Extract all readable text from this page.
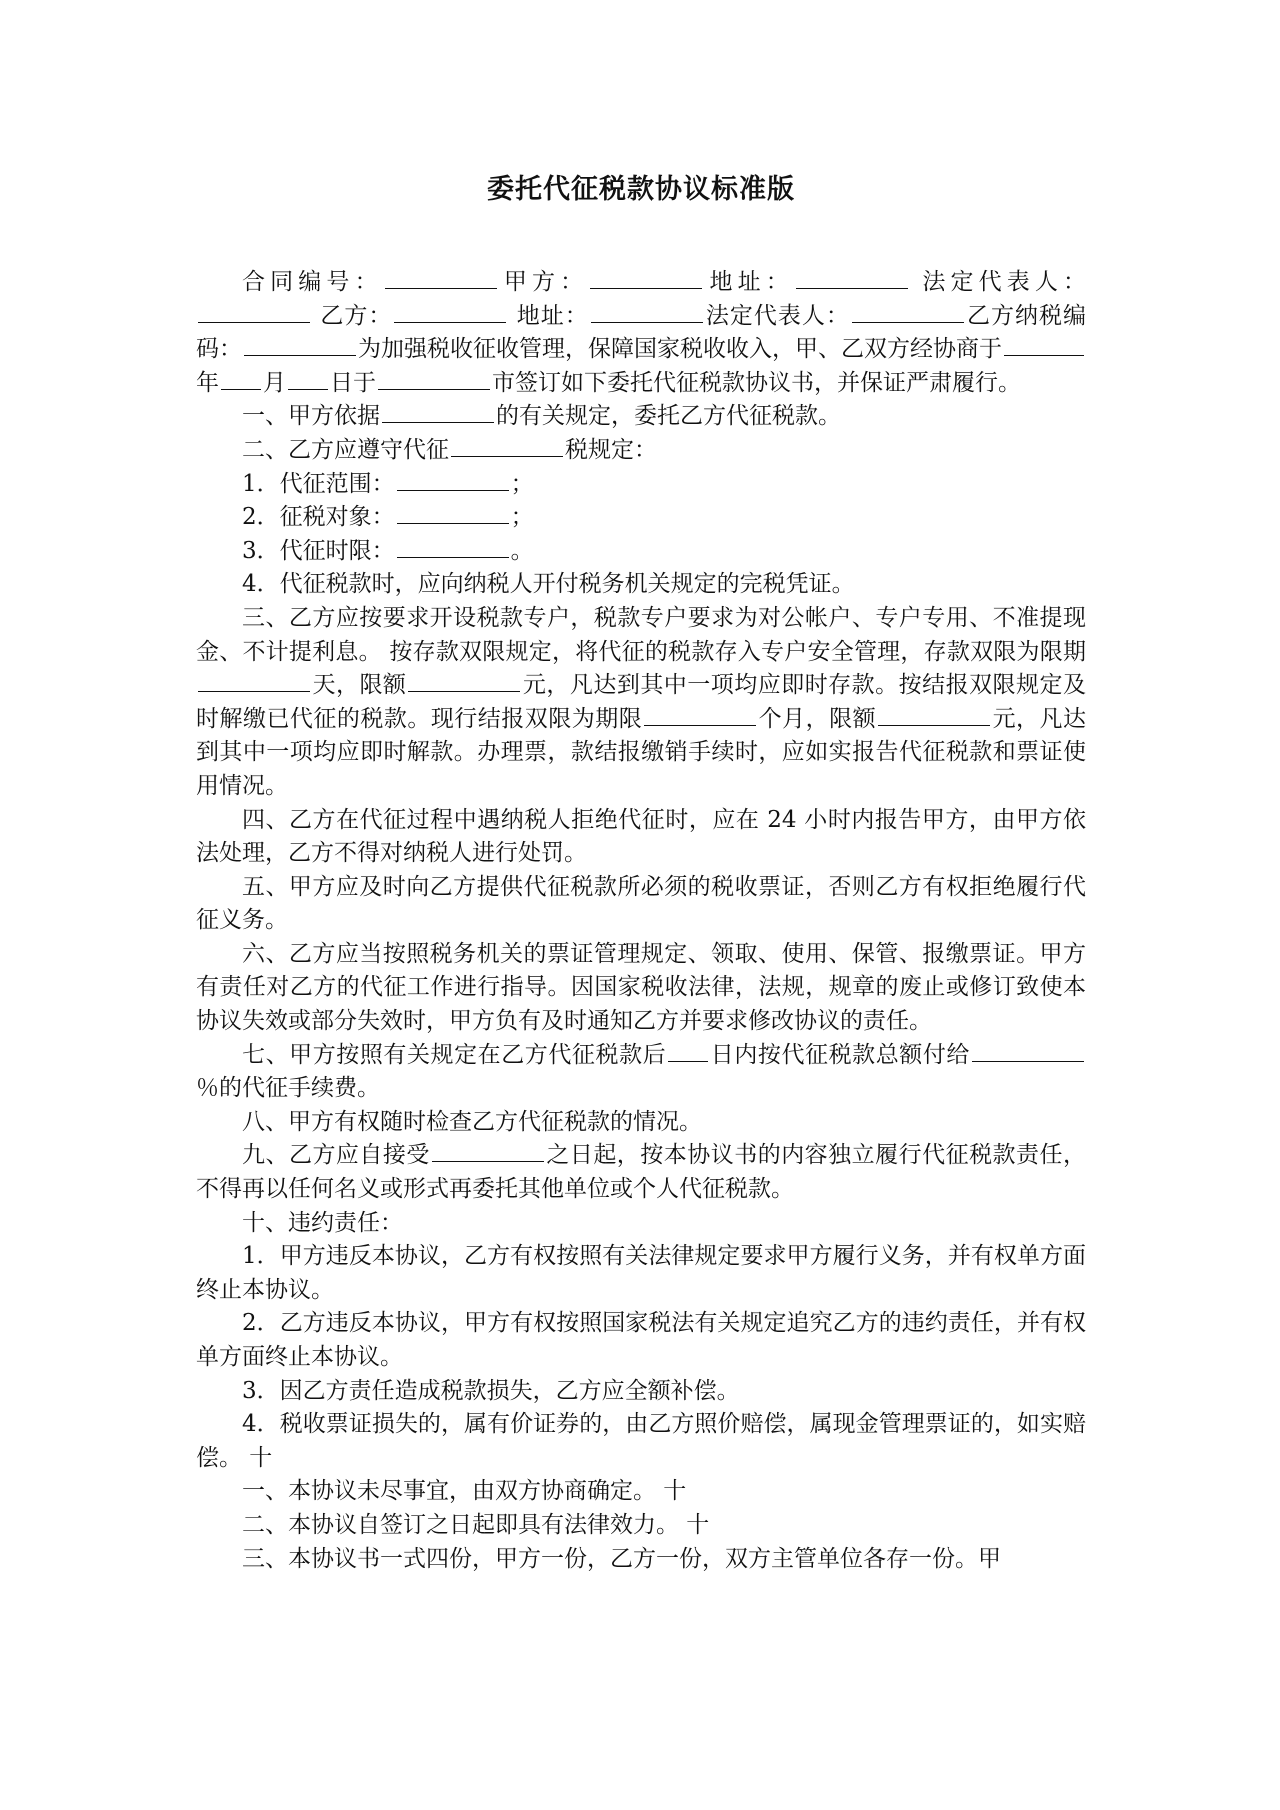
委托代征税款协议标准版

合同编号：	甲方：	地址：	法定代表人： 乙方：	地址：	法定代表人：	乙方纳税编码：	为加强税收征收管理，保障国家税收收入，甲、乙双方经协商于年 月 日于	市签订如下委托代征税款协议书，并保证严肃履行。

一、甲方依据	的有关规定，委托乙方代征税款。

二、乙方应遵守代征	税规定：

1．代征范围：	；

2．征税对象：	；

3．代征时限：	。

4．代征税款时，应向纳税人开付税务机关规定的完税凭证。

三、乙方应按要求开设税款专户，税款专户要求为对公帐户、专户专用、不准提现金、不计提利息。 按存款双限规定，将代征的税款存入专户安全管理，存款双限为限期天，限额	元，凡达到其中一项均应即时存款。按结报双限规定及时解缴已代征的税款。现行结报双限为期限	个月，限额	元，凡达到其中一项均应即时解款。办理票，款结报缴销手续时，应如实报告代征税款和票证使用情况。

四、乙方在代征过程中遇纳税人拒绝代征时，应在 24 小时内报告甲方，由甲方依法处理，乙方不得对纳税人进行处罚。

五、甲方应及时向乙方提供代征税款所必须的税收票证，否则乙方有权拒绝履行代征义务。

六、乙方应当按照税务机关的票证管理规定、领取、使用、保管、报缴票证。甲方有责任对乙方的代征工作进行指导。因国家税收法律，法规，规章的废止或修订致使本协议失效或部分失效时，甲方负有及时通知乙方并要求修改协议的责任。

七、甲方按照有关规定在乙方代征税款后 日内按代征税款总额付给％的代征手续费。

八、甲方有权随时检查乙方代征税款的情况。

九、乙方应自接受	之日起，按本协议书的内容独立履行代征税款责任，不得再以任何名义或形式再委托其他单位或个人代征税款。

十、违约责任：

1．甲方违反本协议，乙方有权按照有关法律规定要求甲方履行义务，并有权单方面终止本协议。

2．乙方违反本协议，甲方有权按照国家税法有关规定追究乙方的违约责任，并有权单方面终止本协议。

3．因乙方责任造成税款损失，乙方应全额补偿。

4．税收票证损失的，属有价证券的，由乙方照价赔偿，属现金管理票证的，如实赔偿。 十

一、本协议未尽事宜，由双方协商确定。 十

二、本协议自签订之日起即具有法律效力。 十

三、本协议书一式四份，甲方一份，乙方一份，双方主管单位各存一份。甲
